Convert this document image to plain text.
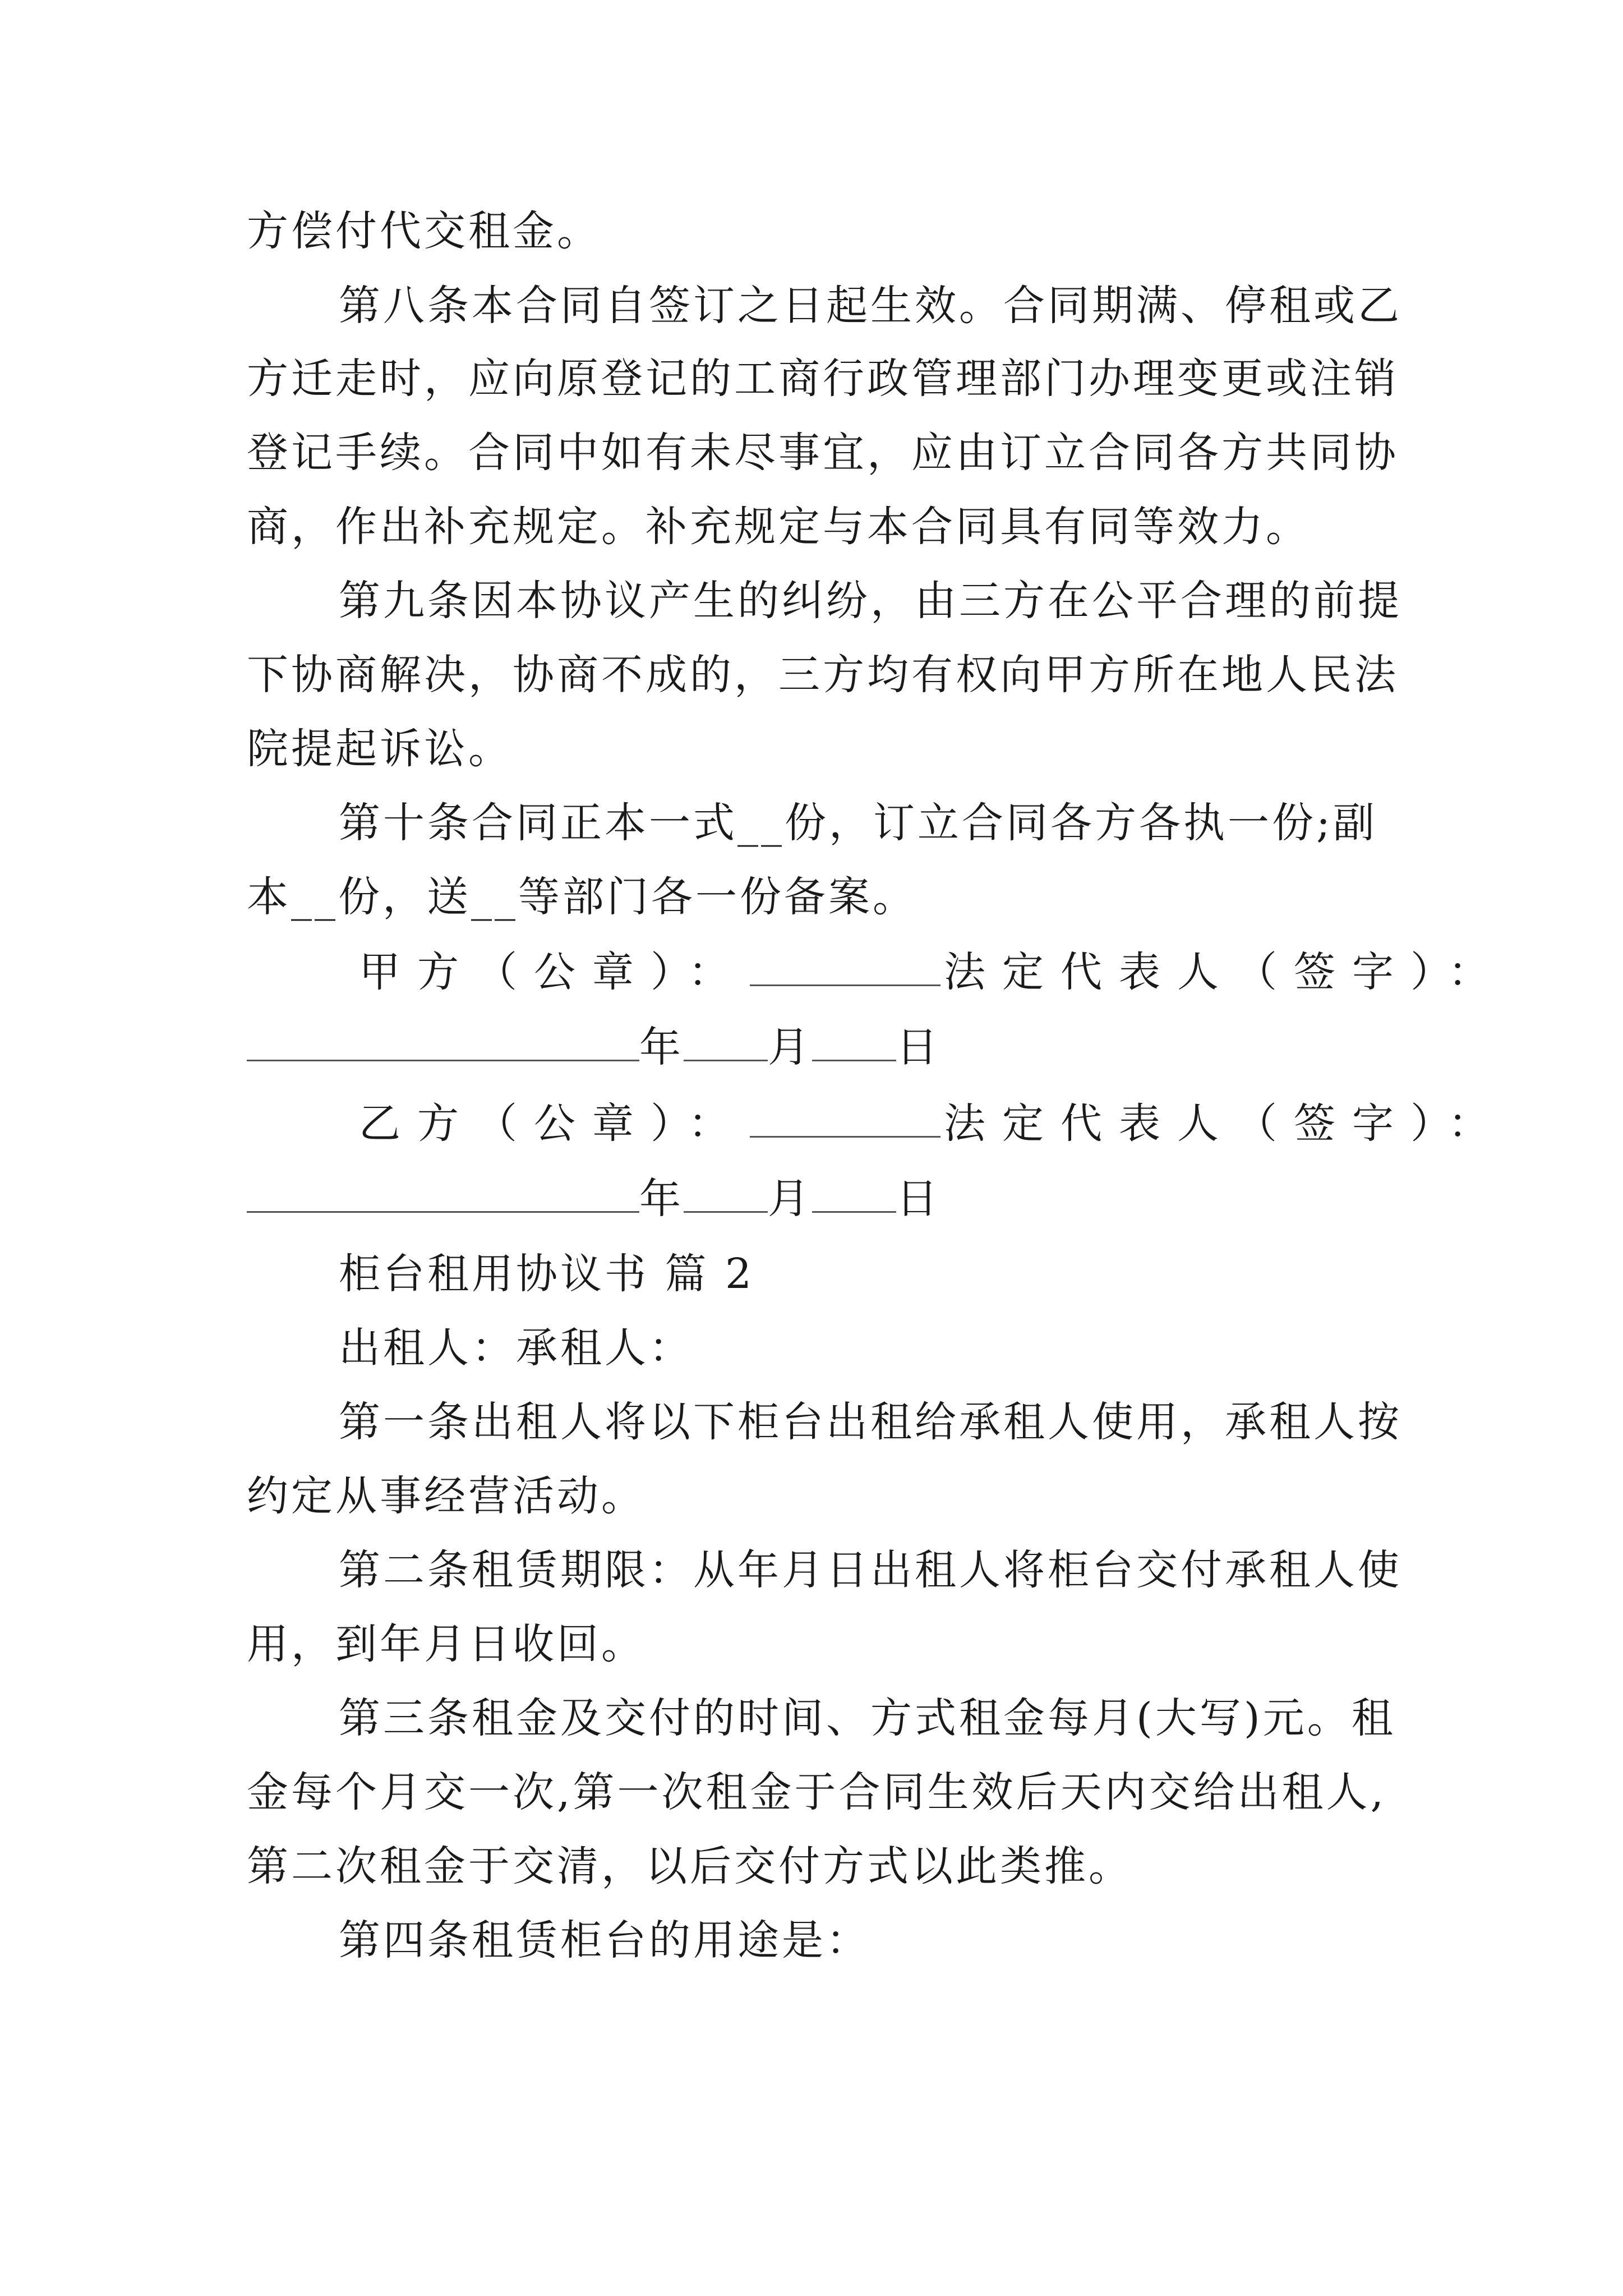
方偿付代交租金。
第八条本合同自签订之日起生效。合同期满、停租或乙
方迁走时，应向原登记的工商行政管理部门办理变更或注销
登记手续。合同中如有未尽事宜，应由订立合同各方共同协
商，作出补充规定。补充规定与本合同具有同等效力。
第九条因本协议产生的纠纷，由三方在公平合理的前提
下协商解决，协商不成的，三方均有权向甲方所在地人民法
院提起诉讼。
第十条合同正本一式__份，订立合同各方各执一份;副
本__份，送__等部门各一份备案。
甲方（公章）：	法定代表人（签字）：
年 月 日
乙方（公章）：	法定代表人（签字）：
年 月 日
柜台租用协议书 篇 2
出租人：承租人：
第一条出租人将以下柜台出租给承租人使用，承租人按
约定从事经营活动。
第二条租赁期限：从年月日出租人将柜台交付承租人使
用，到年月日收回。
第三条租金及交付的时间、方式租金每月(大写)元。租
金每个月交一次,第一次租金于合同生效后天内交给出租人,
第二次租金于交清，以后交付方式以此类推。
第四条租赁柜台的用途是：
